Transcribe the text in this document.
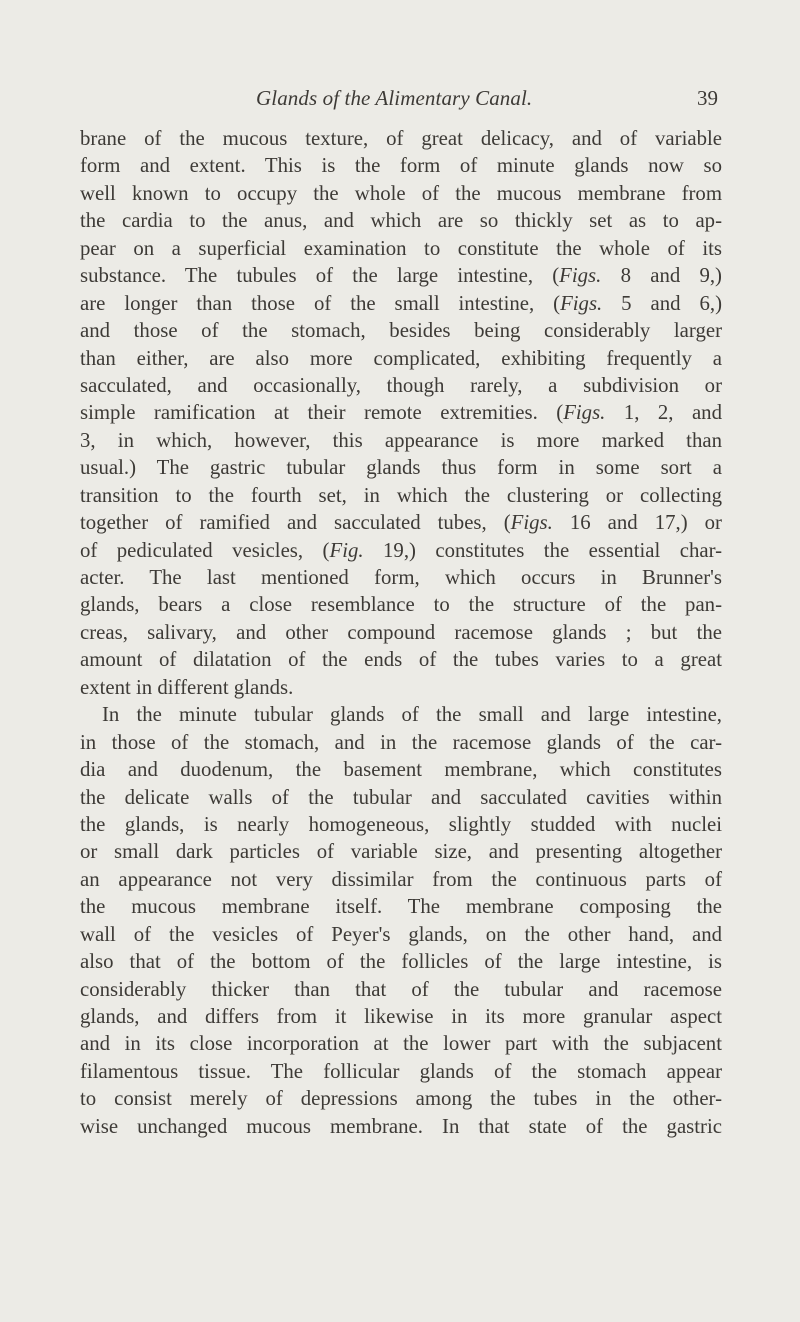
Glands of the Alimentary Canal.	39
brane of the mucous texture, of great delicacy, and of variable
form and extent. This is the form of minute glands now so
well known to occupy the whole of the mucous membrane from
the cardia to the anus, and which are so thickly set as to ap-
pear on a superficial examination to constitute the whole of its
substance. The tubules of the large intestine, (Figs. 8 and 9,)
are longer than those of the small intestine, (Figs. 5 and 6,)
and those of the stomach, besides being considerably larger
than either, are also more complicated, exhibiting frequently a
sacculated, and occasionally, though rarely, a subdivision or
simple ramification at their remote extremities. (Figs. 1, 2, and
3, in which, however, this appearance is more marked than
usual.) The gastric tubular glands thus form in some sort a
transition to the fourth set, in which the clustering or collecting
together of ramified and sacculated tubes, (Figs. 16 and 17,) or
of pediculated vesicles, (Fig. 19,) constitutes the essential char-
acter. The last mentioned form, which occurs in Brunner's
glands, bears a close resemblance to the structure of the pan-
creas, salivary, and other compound racemose glands ; but the
amount of dilatation of the ends of the tubes varies to a great
extent in different glands.
In the minute tubular glands of the small and large intestine,
in those of the stomach, and in the racemose glands of the car-
dia and duodenum, the basement membrane, which constitutes
the delicate walls of the tubular and sacculated cavities within
the glands, is nearly homogeneous, slightly studded with nuclei
or small dark particles of variable size, and presenting altogether
an appearance not very dissimilar from the continuous parts of
the mucous membrane itself. The membrane composing the
wall of the vesicles of Peyer's glands, on the other hand, and
also that of the bottom of the follicles of the large intestine, is
considerably thicker than that of the tubular and racemose
glands, and differs from it likewise in its more granular aspect
and in its close incorporation at the lower part with the subjacent
filamentous tissue. The follicular glands of the stomach appear
to consist merely of depressions among the tubes in the other-
wise unchanged mucous membrane. In that state of the gastric
